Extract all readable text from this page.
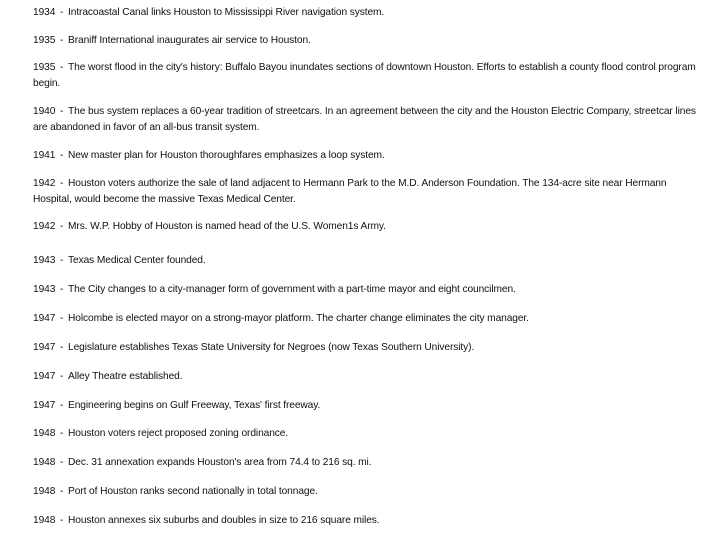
1934 - Intracoastal Canal links Houston to Mississippi River navigation system.
1935 - Braniff International inaugurates air service to Houston.
1935 - The worst flood in the city's history: Buffalo Bayou inundates sections of downtown Houston. Efforts to establish a county flood control program begin.
1940 - The bus system replaces a 60-year tradition of streetcars. In an agreement between the city and the Houston Electric Company, streetcar lines are abandoned in favor of an all-bus transit system.
1941 - New master plan for Houston thoroughfares emphasizes a loop system.
1942 - Houston voters authorize the sale of land adjacent to Hermann Park to the M.D. Anderson Foundation. The 134-acre site near Hermann Hospital, would become the massive Texas Medical Center.
1942 - Mrs. W.P. Hobby of Houston is named head of the U.S. Women1s Army.
1943 - Texas Medical Center founded.
1943 - The City changes to a city-manager form of government with a part-time mayor and eight councilmen.
1947 - Holcombe is elected mayor on a strong-mayor platform. The charter change eliminates the city manager.
1947 - Legislature establishes Texas State University for Negroes (now Texas Southern University).
1947 - Alley Theatre established.
1947 - Engineering begins on Gulf Freeway, Texas' first freeway.
1948 - Houston voters reject proposed zoning ordinance.
1948 - Dec. 31 annexation expands Houston's area from 74.4 to 216 sq. mi.
1948 - Port of Houston ranks second nationally in total tonnage.
1948 - Houston annexes six suburbs and doubles in size to 216 square miles.
